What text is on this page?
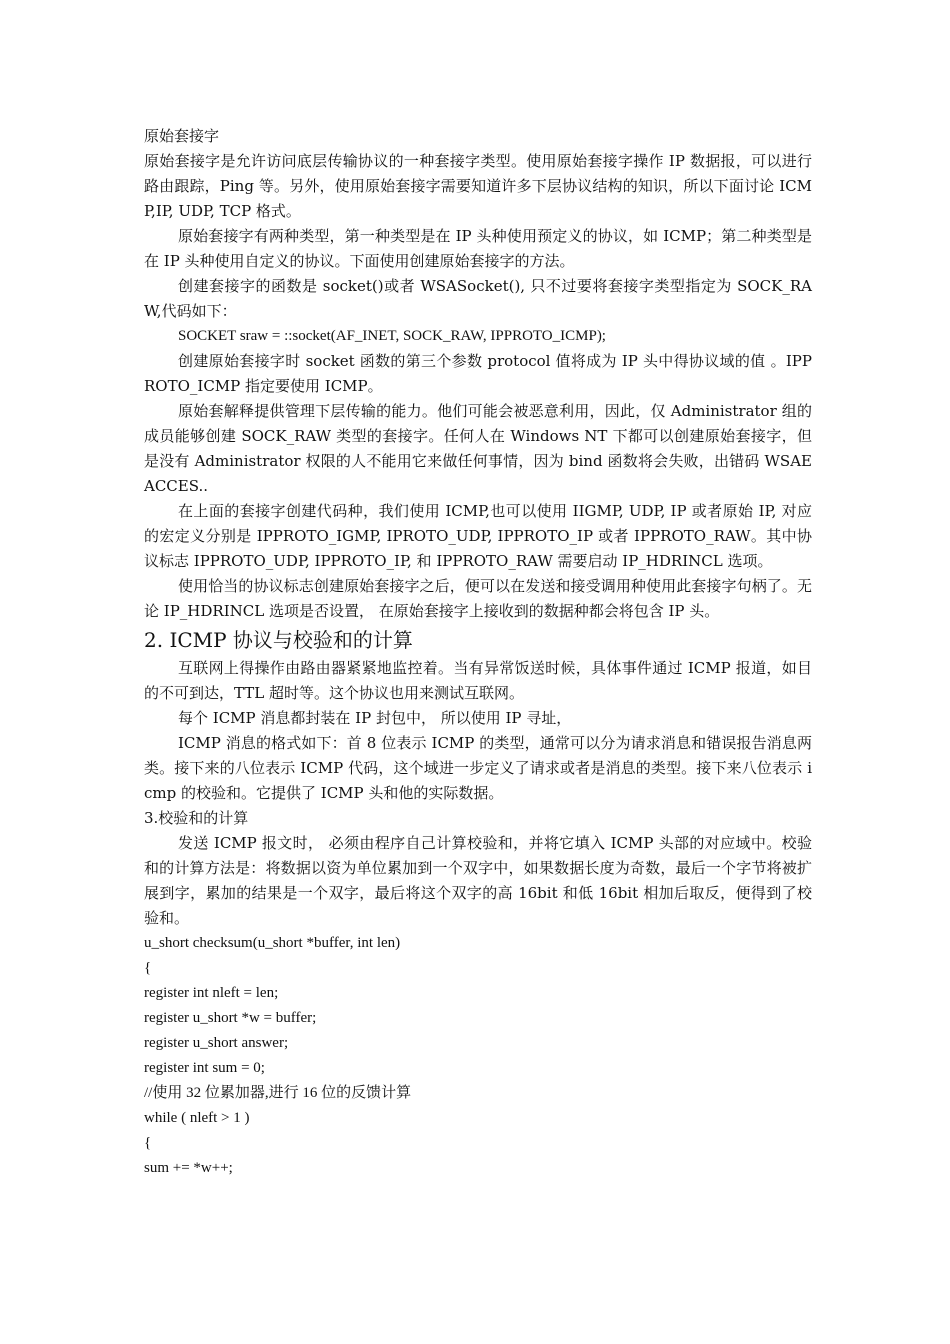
原始套接字

原始套接字是允许访问底层传输协议的一种套接字类型。使用原始套接字操作 IP 数据报，可以进行路由跟踪，Ping 等。另外，使用原始套接字需要知道许多下层协议结构的知识，所以下面讨论 ICMP,IP, UDP, TCP 格式。

原始套接字有两种类型，第一种类型是在 IP 头种使用预定义的协议，如 ICMP；第二种类型是在 IP 头种使用自定义的协议。下面使用创建原始套接字的方法。

创建套接字的函数是 socket()或者 WSASocket(), 只不过要将套接字类型指定为 SOCK_RAW,代码如下：

SOCKET sraw = ::socket(AF_INET, SOCK_RAW, IPPROTO_ICMP);

创建原始套接字时 socket 函数的第三个参数 protocol 值将成为 IP 头中得协议域的值 。IPPROTO_ICMP 指定要使用 ICMP。

原始套解释提供管理下层传输的能力。他们可能会被恶意利用，因此，仅 Administrator 组的成员能够创建 SOCK_RAW 类型的套接字。任何人在 Windows NT 下都可以创建原始套接字，但是没有 Administrator 权限的人不能用它来做任何事情，因为 bind 函数将会失败，出错码 WSAEACCES..

在上面的套接字创建代码种，我们使用 ICMP,也可以使用 IIGMP, UDP, IP 或者原始 IP, 对应的宏定义分别是 IPPROTO_IGMP, IPROTO_UDP, IPPROTO_IP 或者 IPPROTO_RAW。其中协议标志 IPPROTO_UDP, IPPROTO_IP, 和 IPPROTO_RAW 需要启动 IP_HDRINCL 选项。

使用恰当的协议标志创建原始套接字之后，便可以在发送和接受调用种使用此套接字句柄了。无论 IP_HDRINCL 选项是否设置， 在原始套接字上接收到的数据种都会将包含 IP 头。

2. ICMP 协议与校验和的计算

互联网上得操作由路由器紧紧地监控着。当有异常饭送时候，具体事件通过 ICMP 报道，如目的不可到达，TTL 超时等。这个协议也用来测试互联网。

每个 ICMP 消息都封装在 IP 封包中， 所以使用 IP 寻址，

ICMP 消息的格式如下：首 8 位表示 ICMP 的类型，通常可以分为请求消息和错误报告消息两类。接下来的八位表示 ICMP 代码，这个域进一步定义了请求或者是消息的类型。接下来八位表示 icmp 的校验和。它提供了 ICMP 头和他的实际数据。

3.校验和的计算

发送 ICMP 报文时， 必须由程序自己计算校验和，并将它填入 ICMP 头部的对应域中。校验和的计算方法是：将数据以资为单位累加到一个双字中，如果数据长度为奇数，最后一个字节将被扩展到字，累加的结果是一个双字，最后将这个双字的高 16bit 和低 16bit 相加后取反，便得到了校验和。

u_short checksum(u_short *buffer, int len)

{

register int nleft = len;

register u_short *w = buffer;

register u_short answer;

register int sum = 0;

//使用 32 位累加器,进行 16 位的反馈计算

while ( nleft > 1 )

{

sum += *w++;
